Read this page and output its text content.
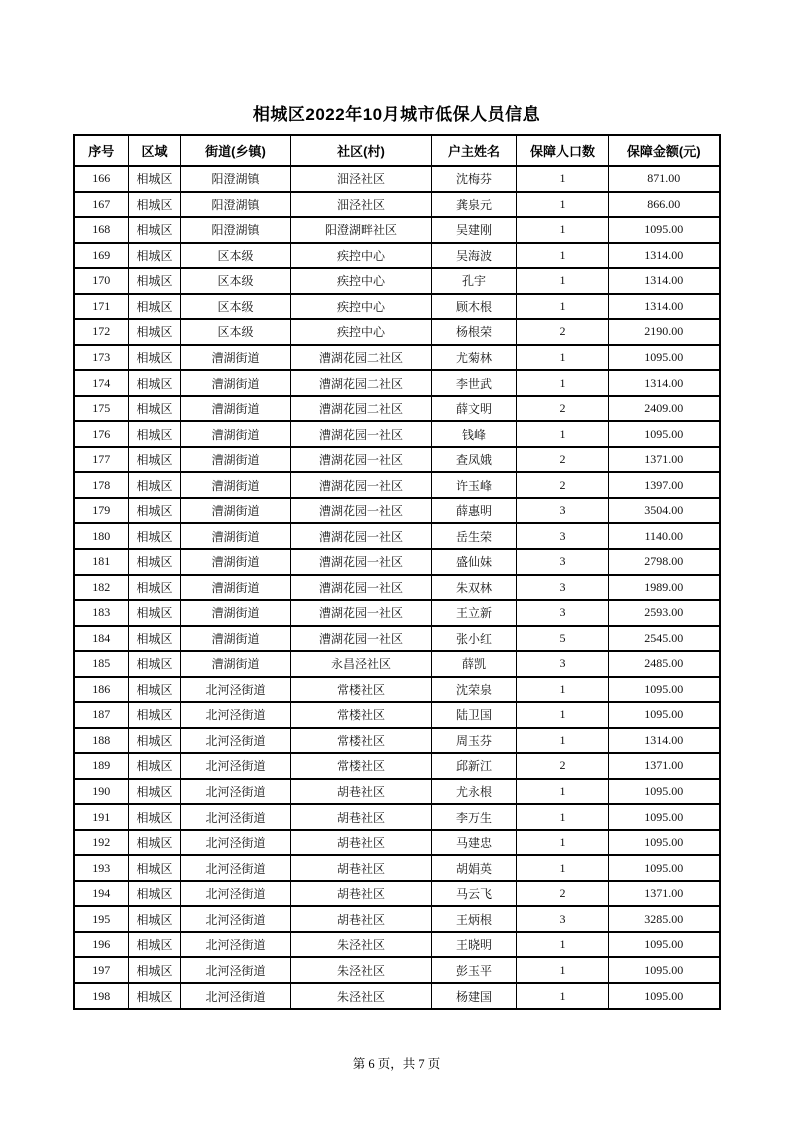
相城区2022年10月城市低保人员信息
序号	区域	街道(乡镇)	社区(村)	户主姓名	保障人口数	保障金额(元)
166	相城区	阳澄湖镇	沺泾社区	沈梅芬	1	871.00
167	相城区	阳澄湖镇	沺泾社区	龚泉元	1	866.00
168	相城区	阳澄湖镇	阳澄湖畔社区	吴建刚	1	1095.00
169	相城区	区本级	疾控中心	吴海波	1	1314.00
170	相城区	区本级	疾控中心	孔宇	1	1314.00
171	相城区	区本级	疾控中心	顾木根	1	1314.00
172	相城区	区本级	疾控中心	杨根荣	2	2190.00
173	相城区	漕湖街道	漕湖花园二社区	尤菊林	1	1095.00
174	相城区	漕湖街道	漕湖花园二社区	李世武	1	1314.00
175	相城区	漕湖街道	漕湖花园二社区	薛文明	2	2409.00
176	相城区	漕湖街道	漕湖花园一社区	钱峰	1	1095.00
177	相城区	漕湖街道	漕湖花园一社区	查凤娥	2	1371.00
178	相城区	漕湖街道	漕湖花园一社区	许玉峰	2	1397.00
179	相城区	漕湖街道	漕湖花园一社区	薛惠明	3	3504.00
180	相城区	漕湖街道	漕湖花园一社区	岳生荣	3	1140.00
181	相城区	漕湖街道	漕湖花园一社区	盛仙妹	3	2798.00
182	相城区	漕湖街道	漕湖花园一社区	朱双林	3	1989.00
183	相城区	漕湖街道	漕湖花园一社区	王立新	3	2593.00
184	相城区	漕湖街道	漕湖花园一社区	张小红	5	2545.00
185	相城区	漕湖街道	永昌泾社区	薛凯	3	2485.00
186	相城区	北河泾街道	常楼社区	沈荣泉	1	1095.00
187	相城区	北河泾街道	常楼社区	陆卫国	1	1095.00
188	相城区	北河泾街道	常楼社区	周玉芬	1	1314.00
189	相城区	北河泾街道	常楼社区	邱新江	2	1371.00
190	相城区	北河泾街道	胡巷社区	尤永根	1	1095.00
191	相城区	北河泾街道	胡巷社区	李万生	1	1095.00
192	相城区	北河泾街道	胡巷社区	马建忠	1	1095.00
193	相城区	北河泾街道	胡巷社区	胡娟英	1	1095.00
194	相城区	北河泾街道	胡巷社区	马云飞	2	1371.00
195	相城区	北河泾街道	胡巷社区	王炳根	3	3285.00
196	相城区	北河泾街道	朱泾社区	王晓明	1	1095.00
197	相城区	北河泾街道	朱泾社区	彭玉平	1	1095.00
198	相城区	北河泾街道	朱泾社区	杨建国	1	1095.00
第 6 页，共 7 页
